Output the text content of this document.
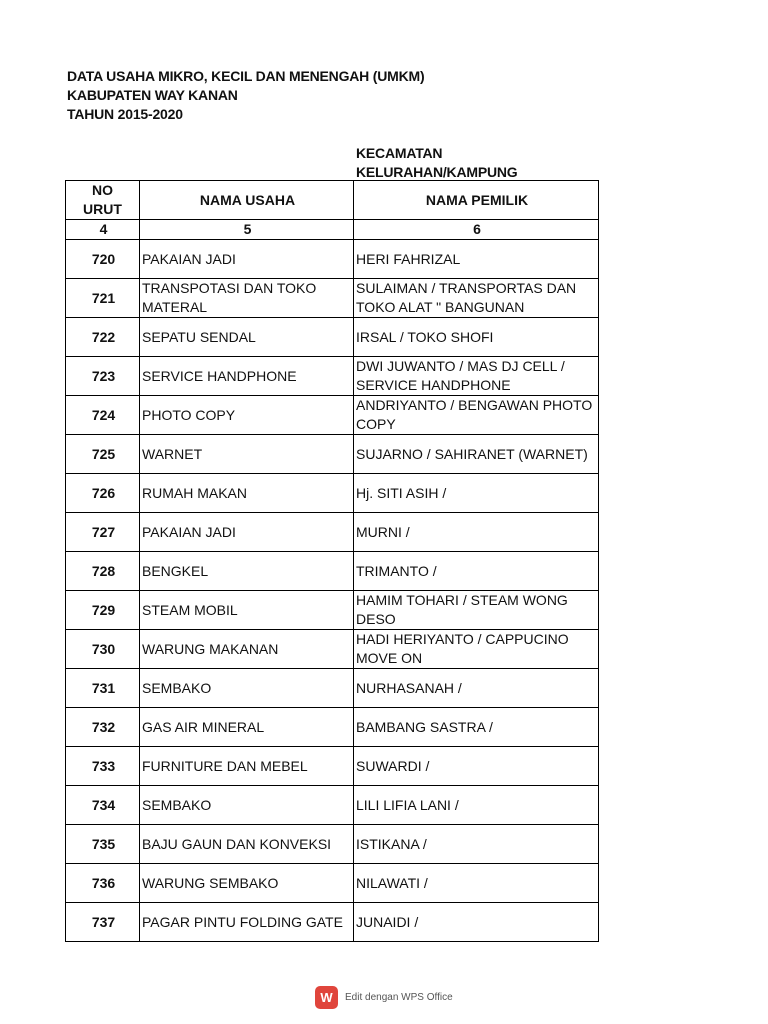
DATA USAHA MIKRO, KECIL DAN MENENGAH (UMKM)
KABUPATEN WAY KANAN
TAHUN 2015-2020
KECAMATAN
KELURAHAN/KAMPUNG
NO URUT	NAMA USAHA	NAMA PEMILIK
4	5	6
720	PAKAIAN JADI	HERI FAHRIZAL
721	TRANSPOTASI DAN TOKO MATERAL	SULAIMAN / TRANSPORTAS DAN TOKO ALAT " BANGUNAN
722	SEPATU SENDAL	IRSAL / TOKO SHOFI
723	SERVICE HANDPHONE	DWI JUWANTO / MAS DJ CELL / SERVICE HANDPHONE
724	PHOTO COPY	ANDRIYANTO / BENGAWAN PHOTO COPY
725	WARNET	SUJARNO / SAHIRANET (WARNET)
726	RUMAH MAKAN	Hj. SITI ASIH /
727	PAKAIAN JADI	MURNI /
728	BENGKEL	TRIMANTO /
729	STEAM MOBIL	HAMIM TOHARI / STEAM WONG DESO
730	WARUNG MAKANAN	HADI HERIYANTO / CAPPUCINO MOVE ON
731	SEMBAKO	NURHASANAH /
732	GAS AIR MINERAL	BAMBANG SASTRA /
733	FURNITURE DAN MEBEL	SUWARDI /
734	SEMBAKO	LILI LIFIA LANI /
735	BAJU GAUN DAN KONVEKSI	ISTIKANA /
736	WARUNG SEMBAKO	NILAWATI /
737	PAGAR PINTU FOLDING GATE	JUNAIDI /
W	Edit dengan WPS Office
